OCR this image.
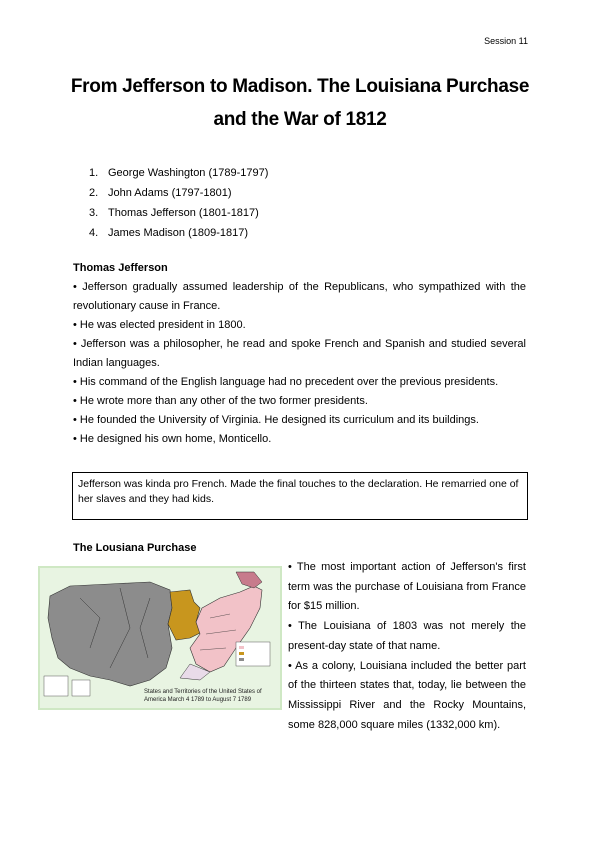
Session 11
From Jefferson to Madison. The Louisiana Purchase
and the War of 1812
1. George Washington (1789-1797)
2. John Adams (1797-1801)
3. Thomas Jefferson (1801-1817)
4. James Madison (1809-1817)
Thomas Jefferson
• Jefferson gradually assumed leadership of the Republicans, who sympathized with the revolutionary cause in France.
• He was elected president in 1800.
• Jefferson was a philosopher, he read and spoke French and Spanish and studied several Indian languages.
• His command of the English language had no precedent over the previous presidents.
• He wrote more than any other of the two former presidents.
• He founded the University of Virginia. He designed its curriculum and its buildings.
• He designed his own home, Monticello.
Jefferson was kinda pro French. Made the final touches to the declaration. He remarried one of her slaves and they had kids.
The Lousiana Purchase
States and Territories of the United States of America March 4 1789 to August 7 1789
• The most important action of Jefferson's first term was the purchase of Louisiana from France for $15 million.
• The Louisiana of 1803 was not merely the present-day state of that name.
• As a colony, Louisiana included the better part of the thirteen states that, today, lie between the Mississippi River and the Rocky Mountains, some 828,000 square miles (1332,000 km).
